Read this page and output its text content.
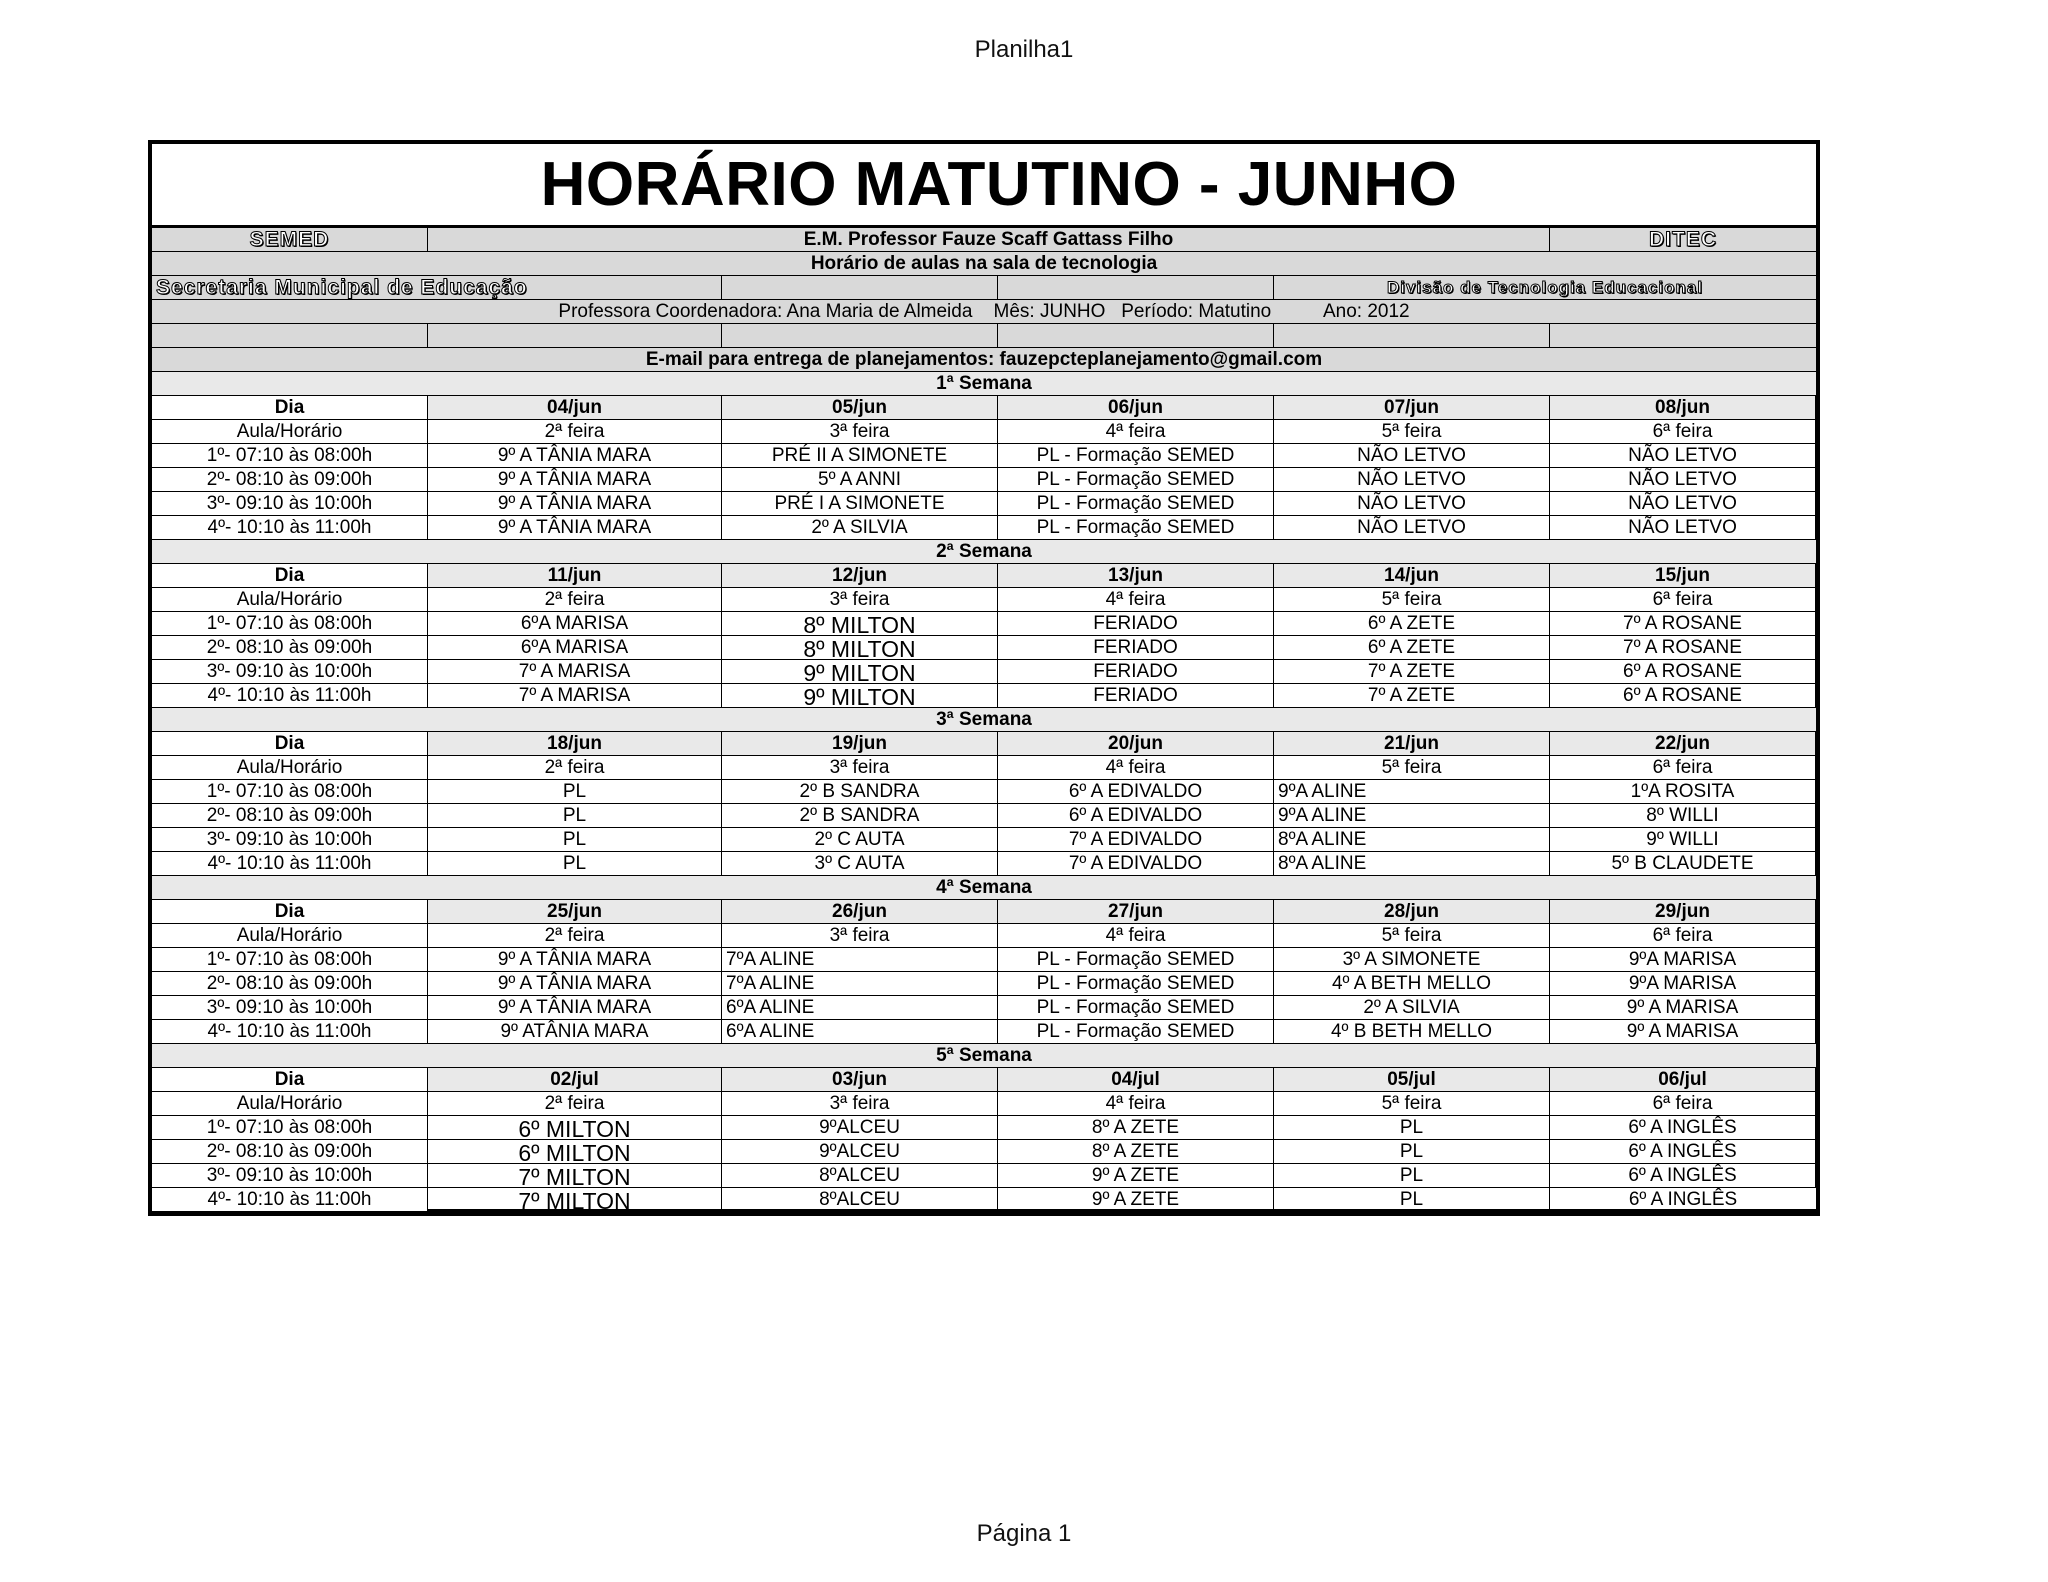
Planilha1
HORÁRIO MATUTINO - JUNHO
SEMED	E.M. Professor Fauze Scaff Gattass Filho	DITEC
Horário de aulas na sala de tecnologia
Secretaria Municipal de Educação	Divisão de Tecnologia Educacional
Professora Coordenadora: Ana Maria de Almeida    Mês: JUNHO   Período: Matutino          Ano: 2012
E-mail para entrega de planejamentos: fauzepcteplanejamento@gmail.com
1ª Semana
Dia	04/jun	05/jun	06/jun	07/jun	08/jun
Aula/Horário	2ª feira	3ª feira	4ª feira	5ª feira	6ª feira
1º- 07:10 às 08:00h	9º A TÂNIA MARA	PRÉ II A SIMONETE	PL - Formação SEMED	NÃO LETVO	NÃO LETVO
2º- 08:10 às 09:00h	9º A TÂNIA MARA	5º A ANNI	PL - Formação SEMED	NÃO LETVO	NÃO LETVO
3º- 09:10 às 10:00h	9º A TÂNIA MARA	PRÉ I A SIMONETE	PL - Formação SEMED	NÃO LETVO	NÃO LETVO
4º- 10:10 às 11:00h	9º A TÂNIA MARA	2º A SILVIA	PL - Formação SEMED	NÃO LETVO	NÃO LETVO
2ª Semana
Dia	11/jun	12/jun	13/jun	14/jun	15/jun
Aula/Horário	2ª feira	3ª feira	4ª feira	5ª feira	6ª feira
1º- 07:10 às 08:00h	6ºA MARISA	8º MILTON	FERIADO	6º A ZETE	7º A ROSANE
2º- 08:10 às 09:00h	6ºA MARISA	8º MILTON	FERIADO	6º A ZETE	7º A ROSANE
3º- 09:10 às 10:00h	7º A MARISA	9º MILTON	FERIADO	7º A ZETE	6º A ROSANE
4º- 10:10 às 11:00h	7º A MARISA	9º MILTON	FERIADO	7º A ZETE	6º A ROSANE
3ª Semana
Dia	18/jun	19/jun	20/jun	21/jun	22/jun
Aula/Horário	2ª feira	3ª feira	4ª feira	5ª feira	6ª feira
1º- 07:10 às 08:00h	PL	2º B SANDRA	6º A EDIVALDO	9ºA ALINE	1ºA ROSITA
2º- 08:10 às 09:00h	PL	2º B SANDRA	6º A EDIVALDO	9ºA ALINE	8º WILLI
3º- 09:10 às 10:00h	PL	2º C AUTA	7º A EDIVALDO	8ºA ALINE	9º WILLI
4º- 10:10 às 11:00h	PL	3º C AUTA	7º A EDIVALDO	8ºA ALINE	5º B CLAUDETE
4ª Semana
Dia	25/jun	26/jun	27/jun	28/jun	29/jun
Aula/Horário	2ª feira	3ª feira	4ª feira	5ª feira	6ª feira
1º- 07:10 às 08:00h	9º A TÂNIA MARA	7ºA ALINE	PL - Formação SEMED	3º A SIMONETE	9ºA MARISA
2º- 08:10 às 09:00h	9º A TÂNIA MARA	7ºA ALINE	PL - Formação SEMED	4º A BETH MELLO	9ºA MARISA
3º- 09:10 às 10:00h	9º A TÂNIA MARA	6ºA ALINE	PL - Formação SEMED	2º A SILVIA	9º A MARISA
4º- 10:10 às 11:00h	9º ATÂNIA MARA	6ºA ALINE	PL - Formação SEMED	4º B BETH MELLO	9º A MARISA
5ª Semana
Dia	02/jul	03/jun	04/jul	05/jul	06/jul
Aula/Horário	2ª feira	3ª feira	4ª feira	5ª feira	6ª feira
1º- 07:10 às 08:00h	6º MILTON	9ºALCEU	8º A ZETE	PL	6º A INGLÊS
2º- 08:10 às 09:00h	6º MILTON	9ºALCEU	8º A ZETE	PL	6º A INGLÊS
3º- 09:10 às 10:00h	7º MILTON	8ºALCEU	9º A ZETE	PL	6º A INGLÊS
4º- 10:10 às 11:00h	7º MILTON	8ºALCEU	9º A ZETE	PL	6º A INGLÊS
Página 1
